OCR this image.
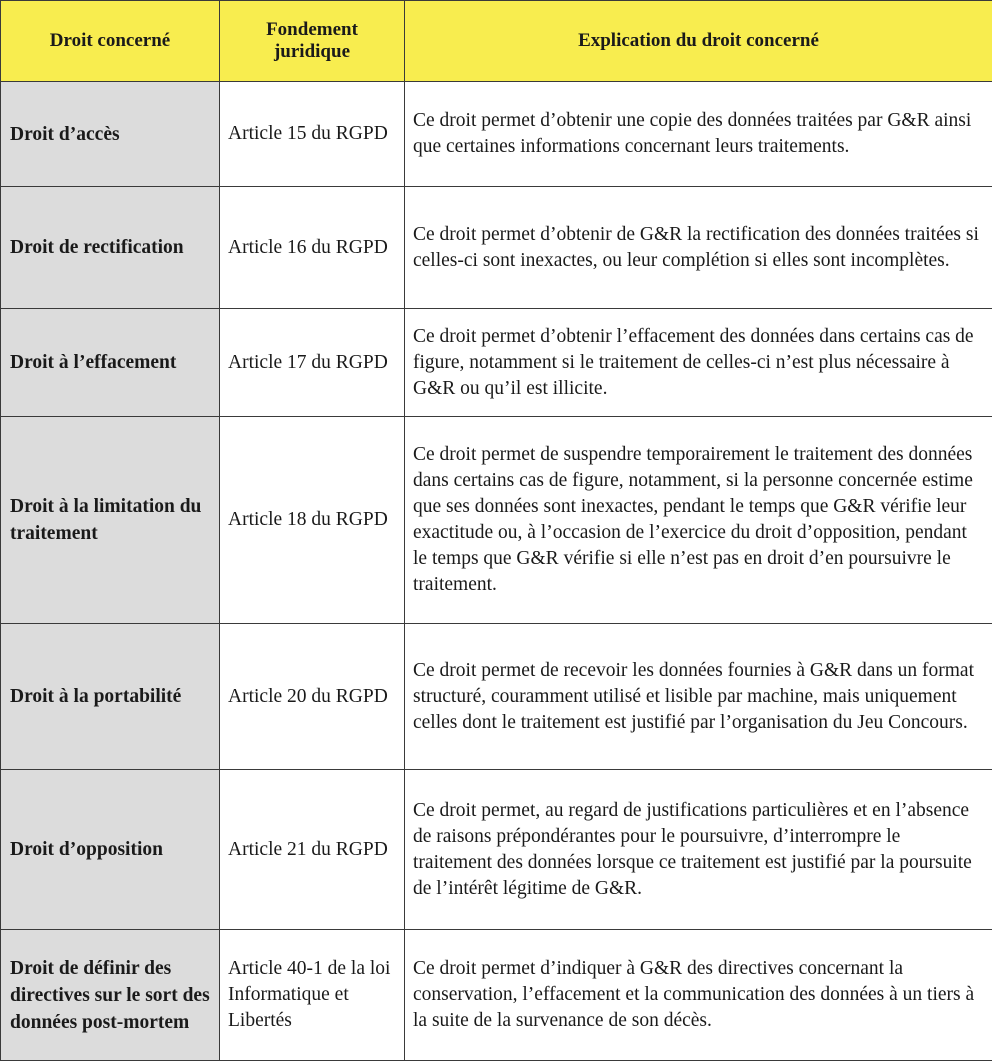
Droit concerné	Fondement juridique	Explication du droit concerné
Droit d’accès	Article 15 du RGPD	Ce droit permet d’obtenir une copie des données traitées par G&R ainsi que certaines informations concernant leurs traitements.
Droit de rectification	Article 16 du RGPD	Ce droit permet d’obtenir de G&R la rectification des données traitées si celles-ci sont inexactes, ou leur complétion si elles sont incomplètes.
Droit à l’effacement	Article 17 du RGPD	Ce droit permet d’obtenir l’effacement des données dans certains cas de figure, notamment si le traitement de celles-ci n’est plus nécessaire à G&R ou qu’il est illicite.
Droit à la limitation du traitement	Article 18 du RGPD	Ce droit permet de suspendre temporairement le traitement des données dans certains cas de figure, notamment, si la personne concernée estime que ses données sont inexactes, pendant le temps que G&R vérifie leur exactitude ou, à l’occasion de l’exercice du droit d’opposition, pendant le temps que G&R vérifie si elle n’est pas en droit d’en poursuivre le traitement.
Droit à la portabilité	Article 20 du RGPD	Ce droit permet de recevoir les données fournies à G&R dans un format structuré, couramment utilisé et lisible par machine, mais uniquement celles dont le traitement est justifié par l’organisation du Jeu Concours.
Droit d’opposition	Article 21 du RGPD	Ce droit permet, au regard de justifications particulières et en l’absence de raisons prépondérantes pour le poursuivre, d’interrompre le traitement des données lorsque ce traitement est justifié par la poursuite de l’intérêt légitime de G&R.
Droit de définir des directives sur le sort des données post-mortem	Article 40-1 de la loi Informatique et Libertés	Ce droit permet d’indiquer à G&R des directives concernant la conservation, l’effacement et la communication des données à un tiers à la suite de la survenance de son décès.
